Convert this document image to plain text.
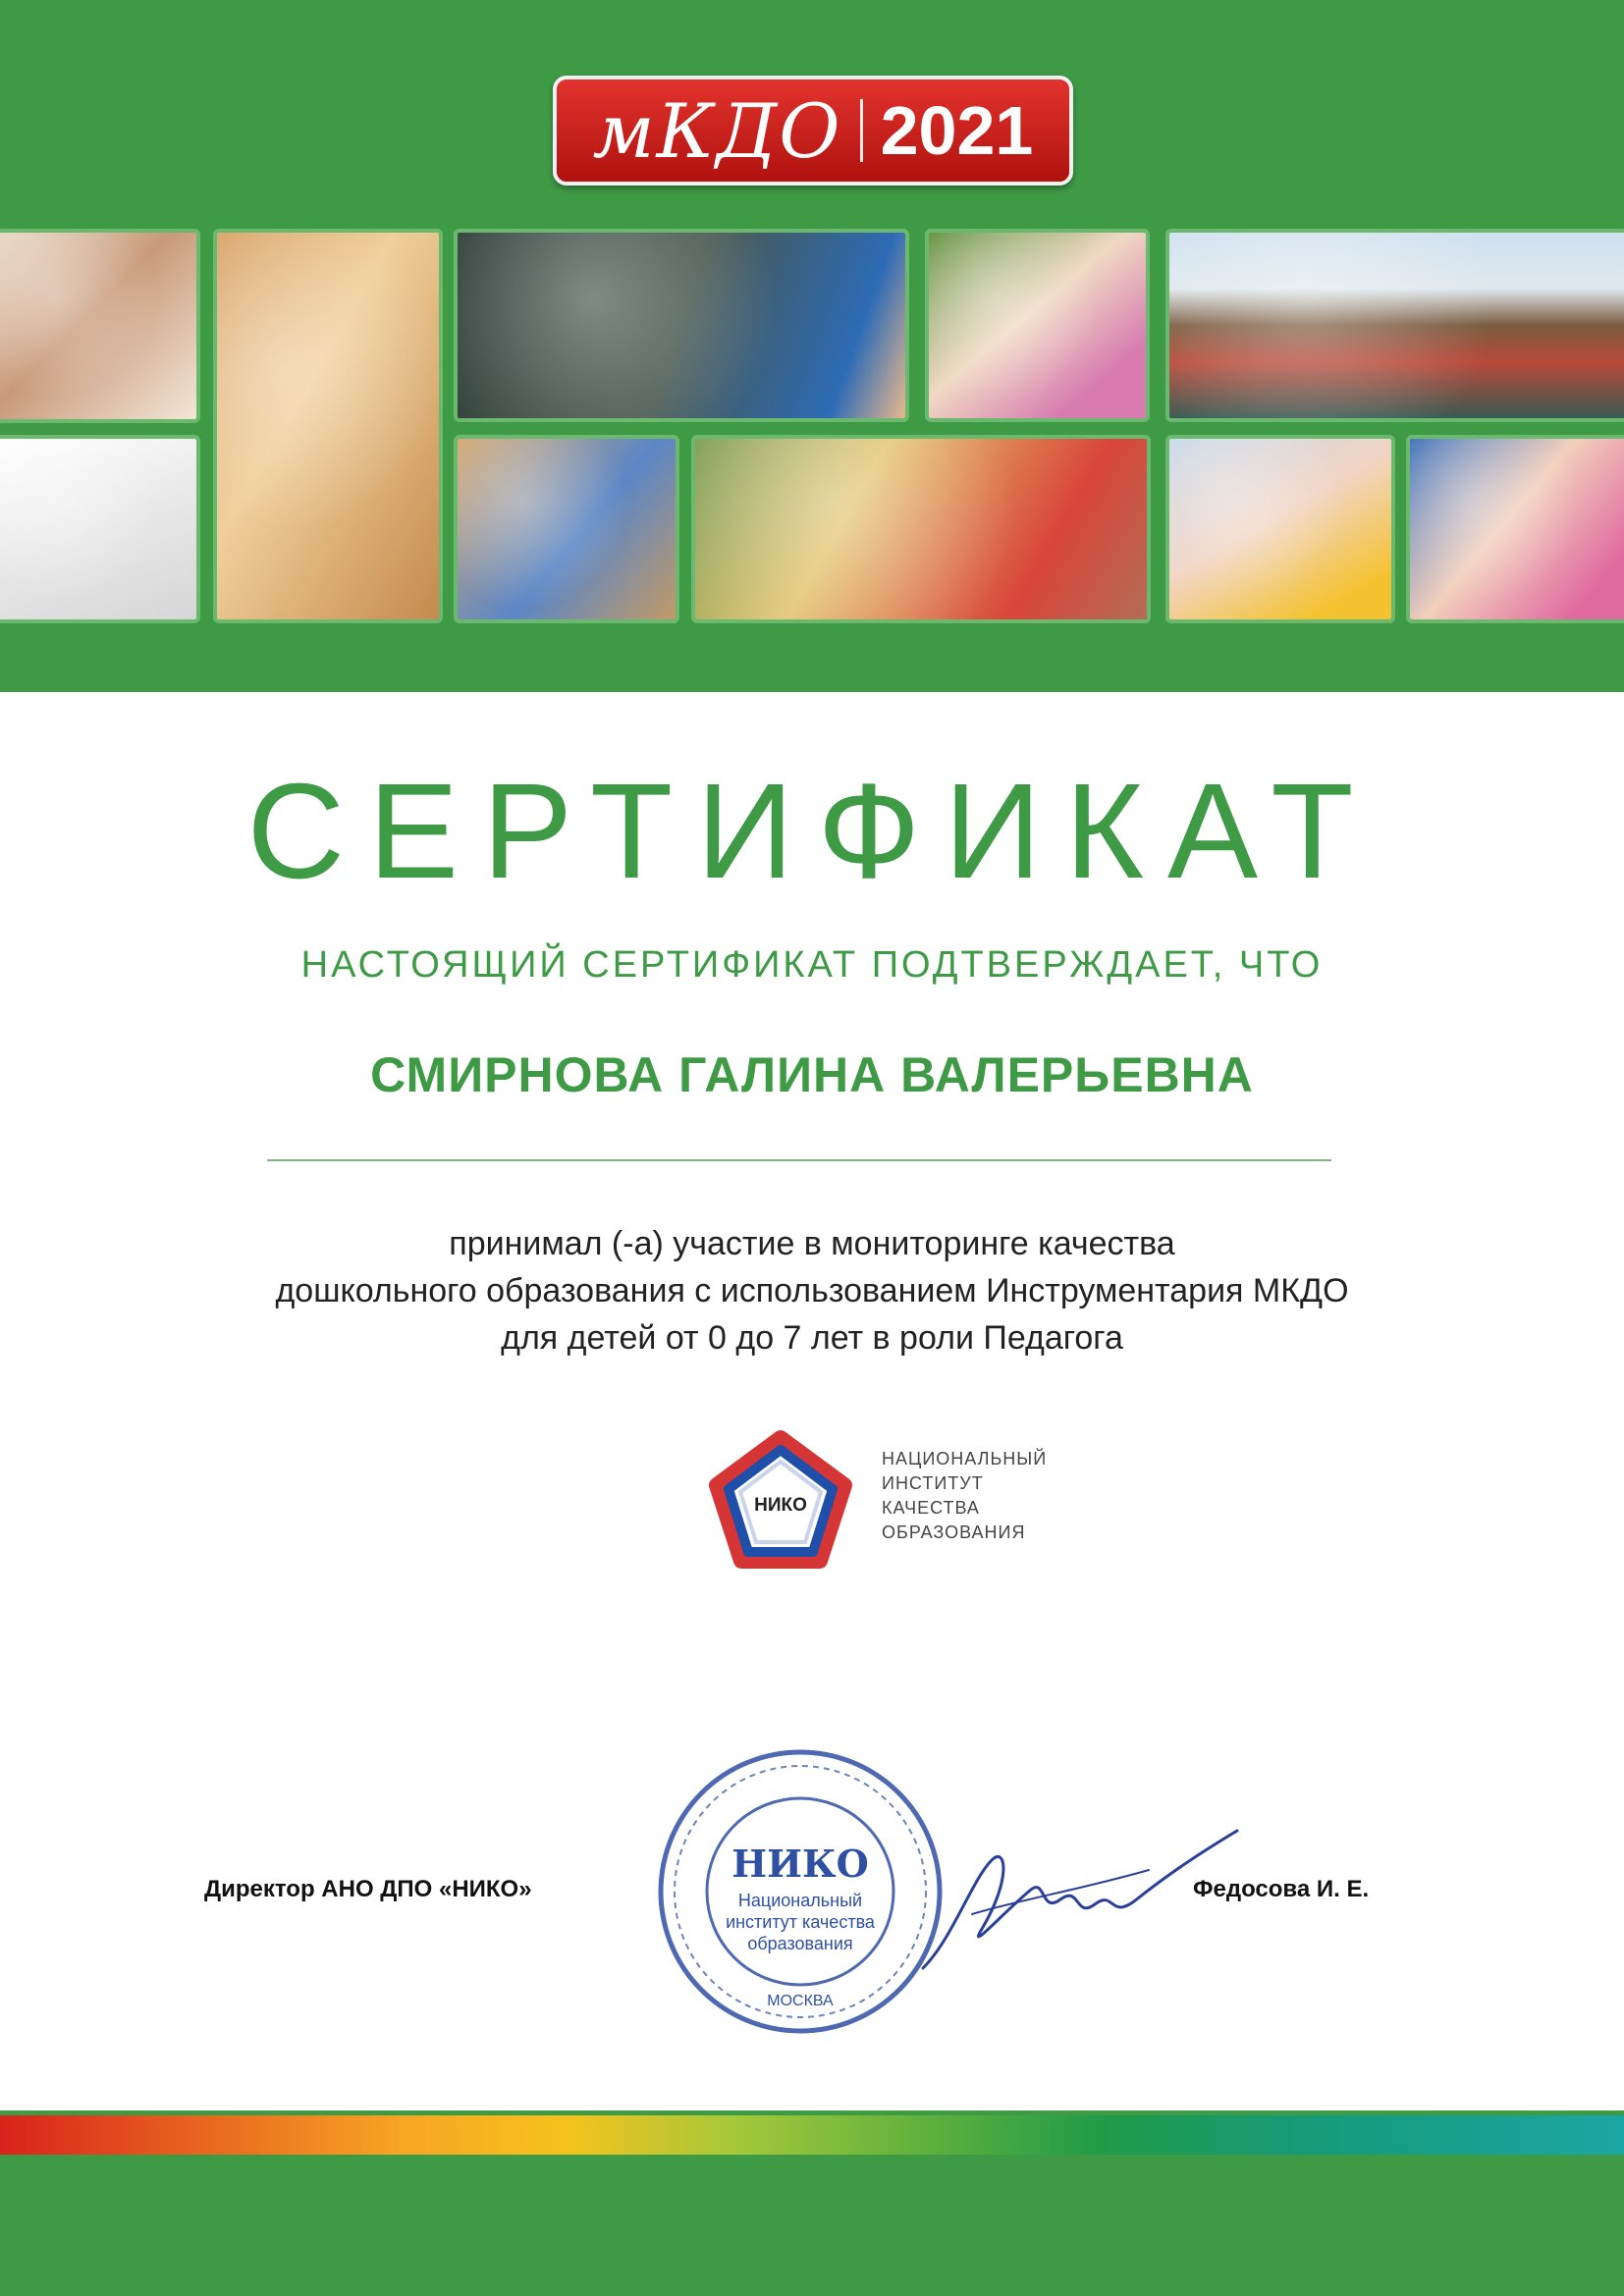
мКДО 2021
СЕРТИФИКАТ
НАСТОЯЩИЙ СЕРТИФИКАТ ПОДТВЕРЖДАЕТ, ЧТО
СМИРНОВА ГАЛИНА ВАЛЕРЬЕВНА
принимал (-а) участие в мониторинге качества
дошкольного образования с использованием Инструментария МКДО
для детей от 0 до 7 лет в роли Педагога
НИКО
НАЦИОНАЛЬНЫЙ
ИНСТИТУТ
КАЧЕСТВА
ОБРАЗОВАНИЯ
Директор АНО ДПО «НИКО»
НИКО
Национальный
институт качества
образования
МОСКВА
Федосова И. Е.
